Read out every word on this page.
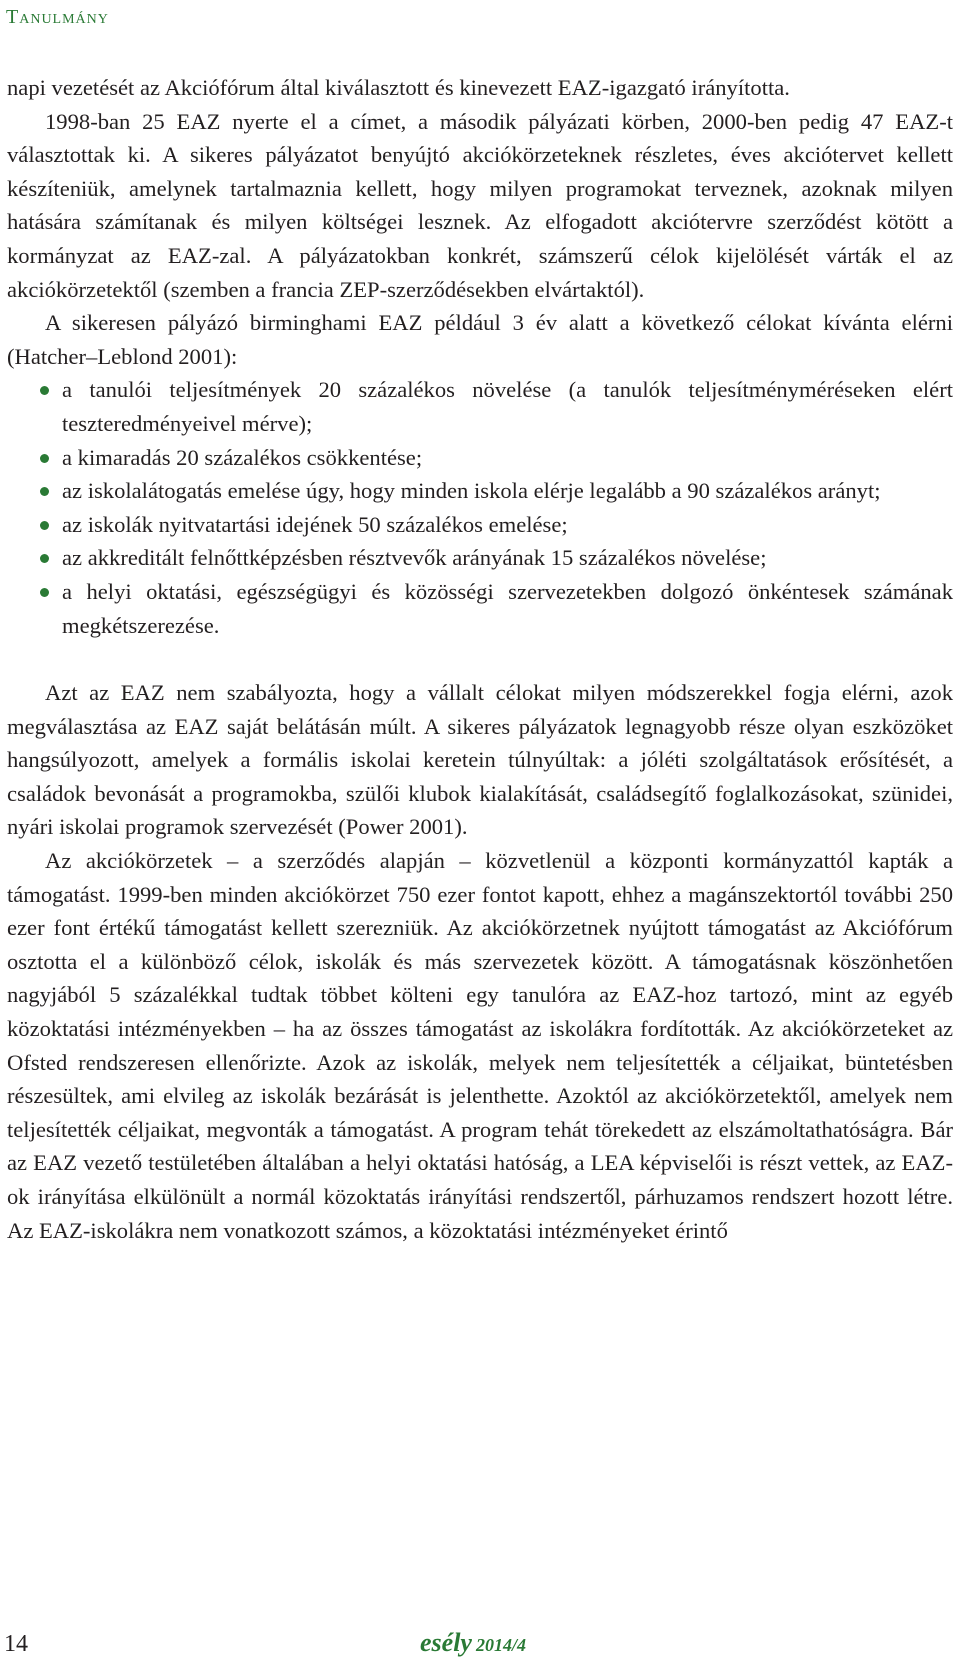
Tanulmány

napi vezetését az Akciófórum által kiválasztott és kinevezett EAZ-igazgató irányította.

1998-ban 25 EAZ nyerte el a címet, a második pályázati körben, 2000-ben pedig 47 EAZ-t választottak ki. A sikeres pályázatot benyújtó akciókörzeteknek részletes, éves akciótervet kellett készíteniük, amelynek tartalmaznia kellett, hogy milyen programokat terveznek, azoknak milyen hatására számítanak és milyen költségei lesznek. Az elfogadott akciótervre szerződést kötött a kormányzat az EAZ-zal. A pályázatokban konkrét, számszerű célok kijelölését várták el az akciókörzetektől (szemben a francia ZEP-szerződésekben elvártaktól).

A sikeresen pályázó birminghami EAZ például 3 év alatt a következő célokat kívánta elérni (Hatcher–Leblond 2001):

a tanulói teljesítmények 20 százalékos növelése (a tanulók teljesítményméréseken elért teszteredményeivel mérve);
a kimaradás 20 százalékos csökkentése;
az iskolalátogatás emelése úgy, hogy minden iskola elérje legalább a 90 százalékos arányt;
az iskolák nyitvatartási idejének 50 százalékos emelése;
az akkreditált felnőttképzésben résztvevők arányának 15 százalékos növelése;
a helyi oktatási, egészségügyi és közösségi szervezetekben dolgozó önkéntesek számának megkétszerezése.

Azt az EAZ nem szabályozta, hogy a vállalt célokat milyen módszerekkel fogja elérni, azok megválasztása az EAZ saját belátásán múlt. A sikeres pályázatok legnagyobb része olyan eszközöket hangsúlyozott, amelyek a formális iskolai keretein túlnyúltak: a jóléti szolgáltatások erősítését, a családok bevonását a programokba, szülői klubok kialakítását, családsegítő foglalkozásokat, szünidei, nyári iskolai programok szervezését (Power 2001).

Az akciókörzetek – a szerződés alapján – közvetlenül a központi kormányzattól kapták a támogatást. 1999-ben minden akciókörzet 750 ezer fontot kapott, ehhez a magánszektortól további 250 ezer font értékű támogatást kellett szerezniük. Az akciókörzetnek nyújtott támogatást az Akciófórum osztotta el a különböző célok, iskolák és más szervezetek között. A támogatásnak köszönhetően nagyjából 5 százalékkal tudtak többet költeni egy tanulóra az EAZ-hoz tartozó, mint az egyéb közoktatási intézményekben – ha az összes támogatást az iskolákra fordították. Az akciókörzeteket az Ofsted rendszeresen ellenőrizte. Azok az iskolák, melyek nem teljesítették a céljaikat, büntetésben részesültek, ami elvileg az iskolák bezárását is jelenthette. Azoktól az akciókörzetektől, amelyek nem teljesítették céljaikat, megvonták a támogatást. A program tehát törekedett az elszámoltathatóságra. Bár az EAZ vezető testületében általában a helyi oktatási hatóság, a LEA képviselői is részt vettek, az EAZ-ok irányítása elkülönült a normál közoktatás irányítási rendszertől, párhuzamos rendszert hozott létre. Az EAZ-iskolákra nem vonatkozott számos, a közoktatási intézményeket érintő

14	esély 2014/4
